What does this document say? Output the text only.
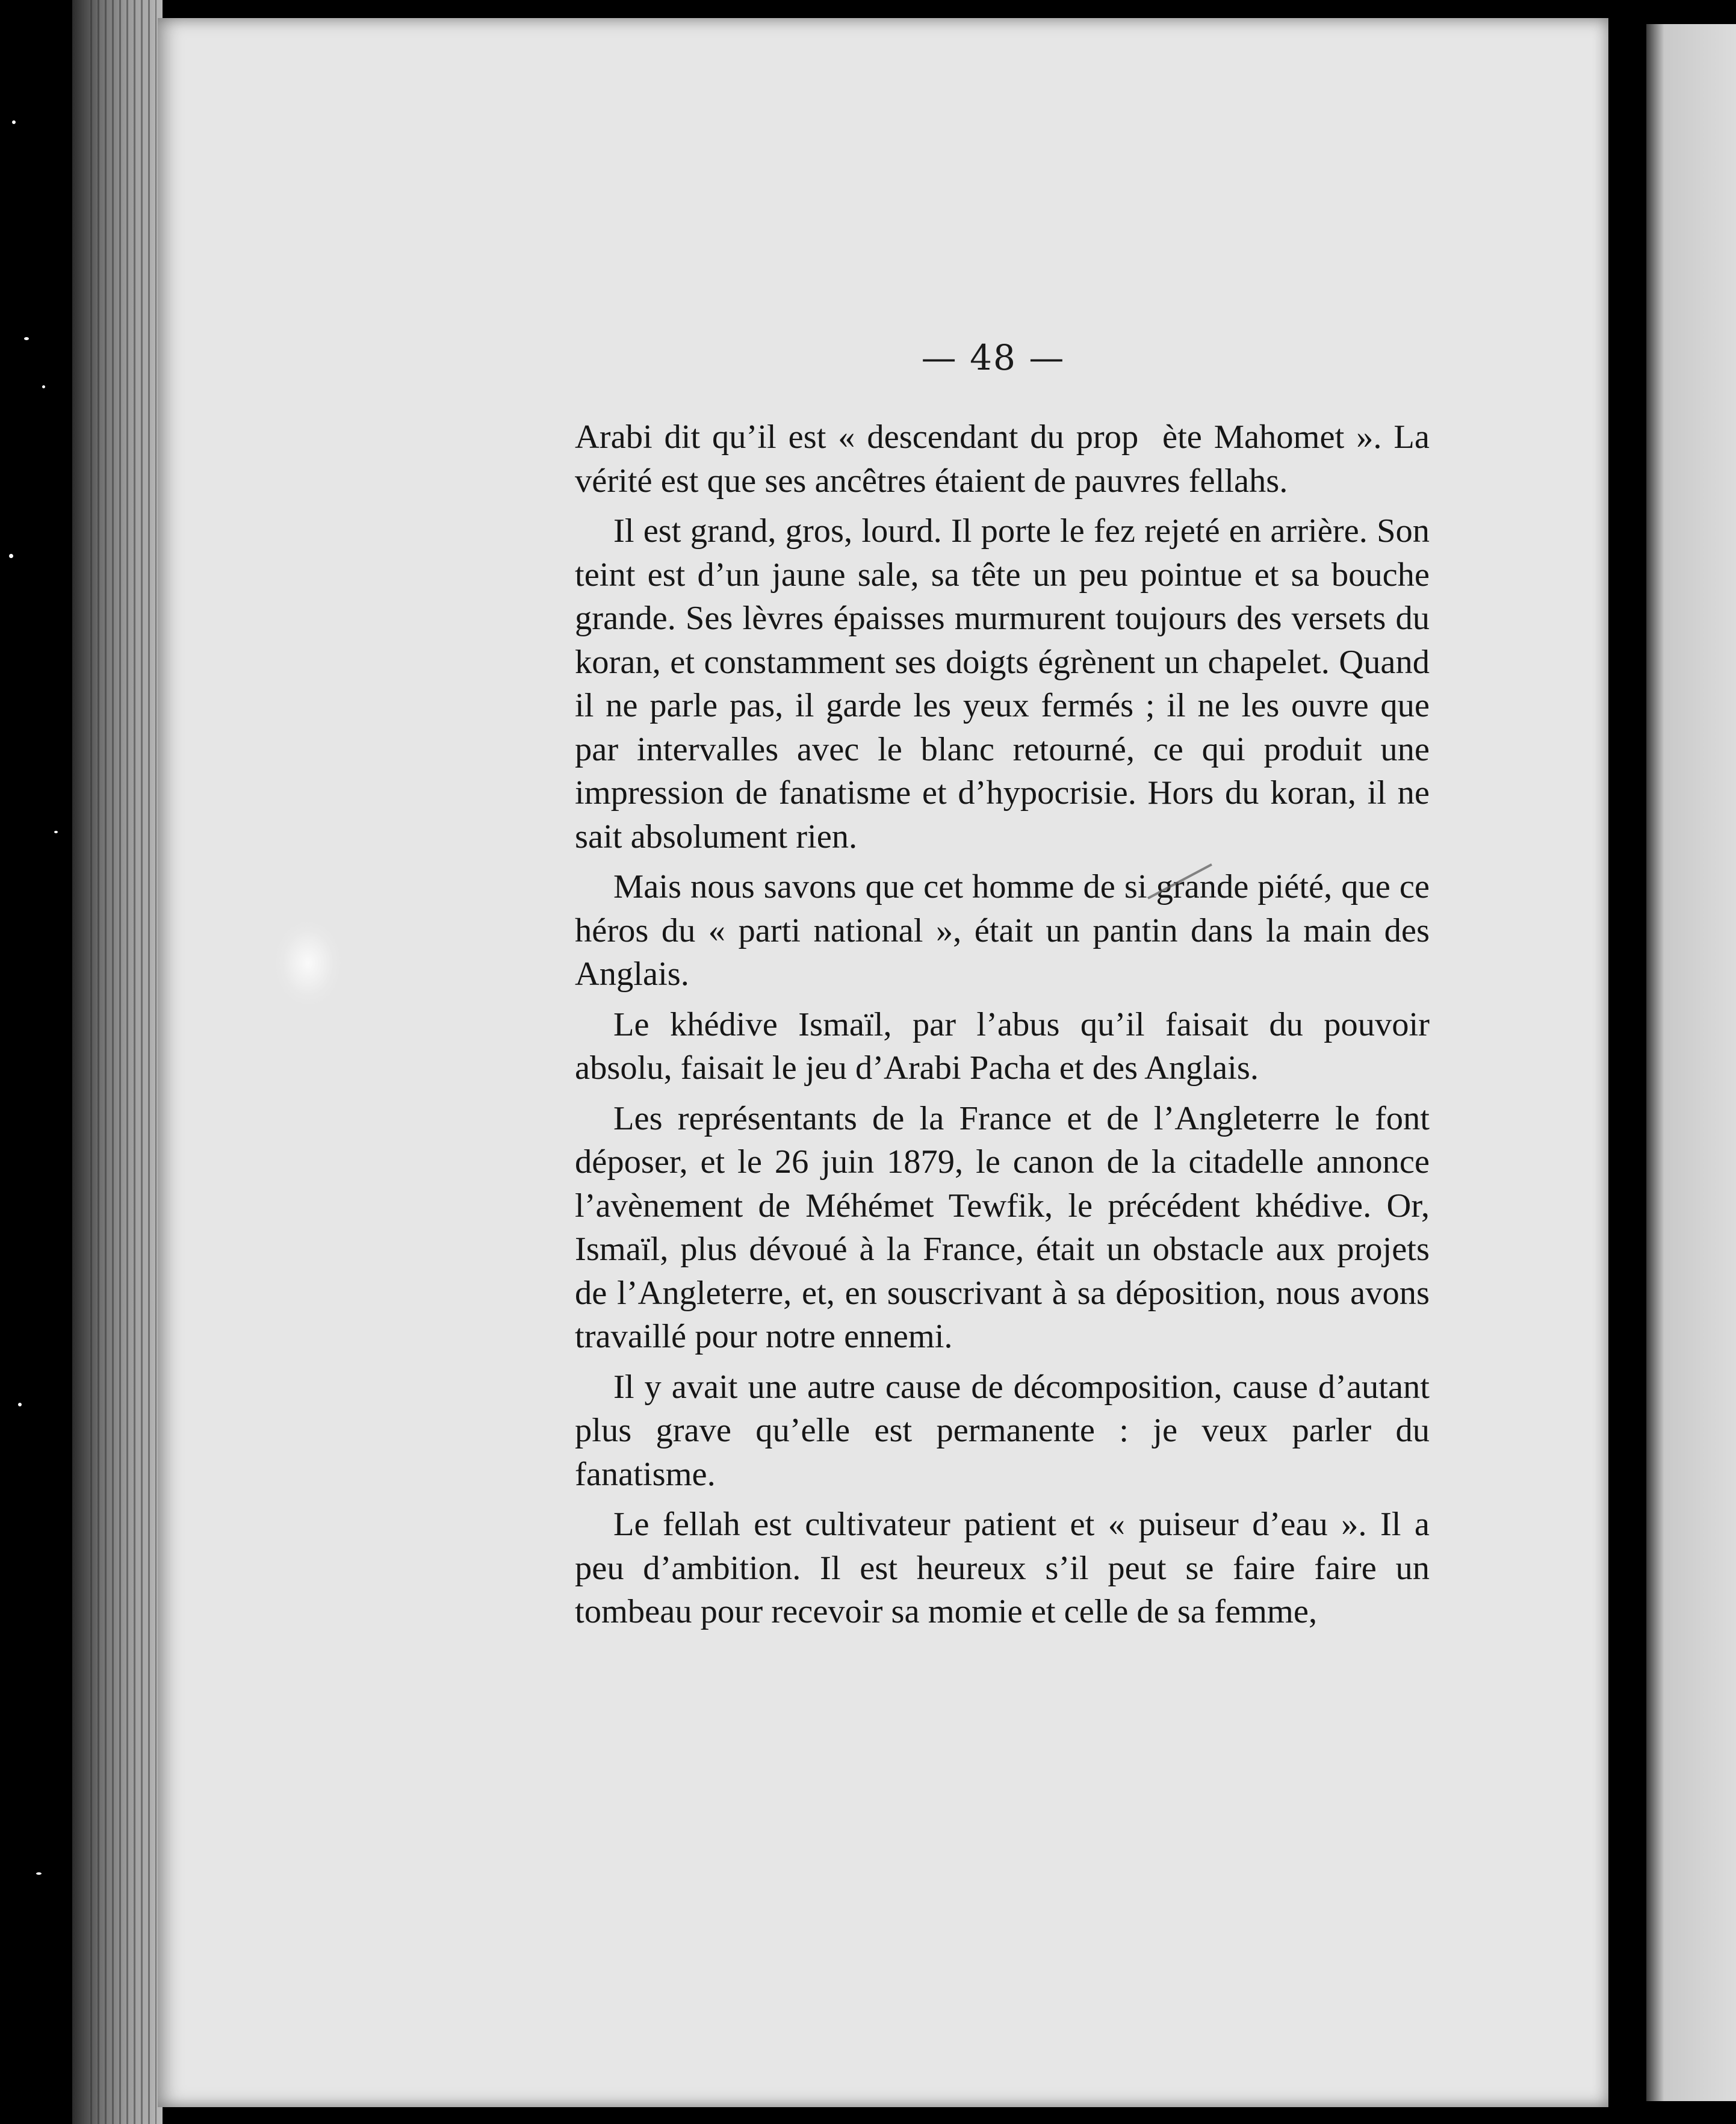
— 48 —

Arabi dit qu’il est « descendant du prop  ète Mahomet ». La vérité est que ses ancêtres étaient de pauvres fellahs.

Il est grand, gros, lourd. Il porte le fez rejeté en arrière. Son teint est d’un jaune sale, sa tête un peu pointue et sa bouche grande. Ses lèvres épaisses murmurent toujours des versets du koran, et constamment ses doigts égrènent un chapelet. Quand il ne parle pas, il garde les yeux fermés ; il ne les ouvre que par intervalles avec le blanc retourné, ce qui produit une impression de fanatisme et d’hypocrisie. Hors du koran, il ne sait absolument rien.

Mais nous savons que cet homme de si grande piété, que ce héros du « parti national », était un pantin dans la main des Anglais.

Le khédive Ismaïl, par l’abus qu’il faisait du pouvoir absolu, faisait le jeu d’Arabi Pacha et des Anglais.

Les représentants de la France et de l’Angleterre le font déposer, et le 26 juin 1879, le canon de la citadelle annonce l’avènement de Méhémet Tewfik, le précédent khédive. Or, Ismaïl, plus dévoué à la France, était un obstacle aux projets de l’Angleterre, et, en souscrivant à sa déposition, nous avons travaillé pour notre ennemi.

Il y avait une autre cause de décomposition, cause d’autant plus grave qu’elle est permanente : je veux parler du fanatisme.

Le fellah est cultivateur patient et « puiseur d’eau ». Il a peu d’ambition. Il est heureux s’il peut se faire faire un tombeau pour recevoir sa momie et celle de sa femme,
